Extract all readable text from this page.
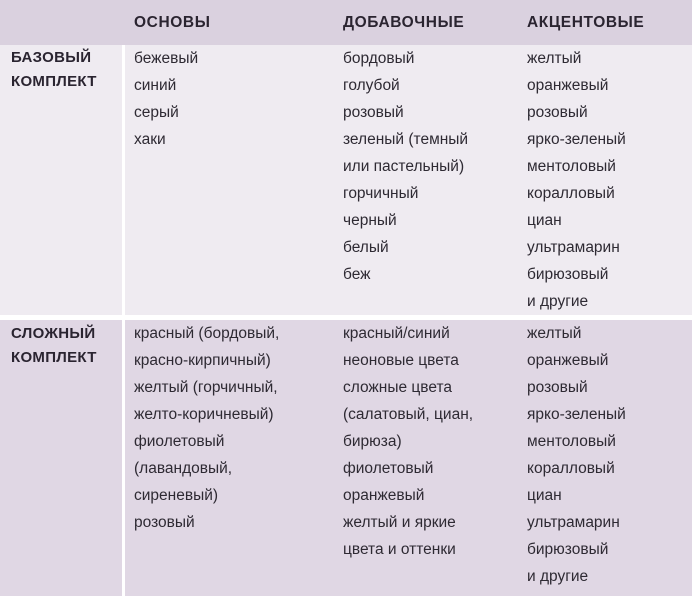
ОСНОВЫ	ДОБАВОЧНЫЕ	АКЦЕНТОВЫЕ
БАЗОВЫЙ
КОМПЛЕКТ
бежевый
синий
серый
хаки
бордовый
голубой
розовый
зеленый (темный
или пастельный)
горчичный
черный
белый
беж
желтый
оранжевый
розовый
ярко-зеленый
ментоловый
коралловый
циан
ультрамарин
бирюзовый
и другие
СЛОЖНЫЙ
КОМПЛЕКТ
красный (бордовый,
красно-кирпичный)
желтый (горчичный,
желто-коричневый)
фиолетовый
(лавандовый,
сиреневый)
розовый
красный/синий
неоновые цвета
сложные цвета
(салатовый, циан,
бирюза)
фиолетовый
оранжевый
желтый и яркие
цвета и оттенки
желтый
оранжевый
розовый
ярко-зеленый
ментоловый
коралловый
циан
ультрамарин
бирюзовый
и другие
